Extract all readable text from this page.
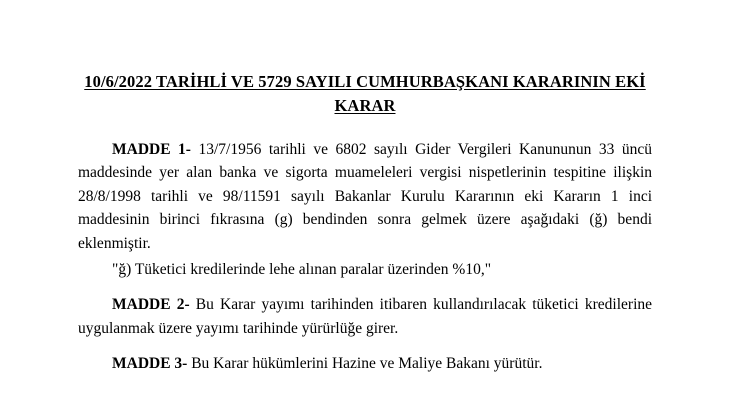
10/6/2022 TARİHLİ VE 5729 SAYILI CUMHURBAŞKANI KARARININ EKİ
KARAR

MADDE 1- 13/7/1956 tarihli ve 6802 sayılı Gider Vergileri Kanununun 33 üncü maddesinde yer alan banka ve sigorta muameleleri vergisi nispetlerinin tespitine ilişkin 28/8/1998 tarihli ve 98/11591 sayılı Bakanlar Kurulu Kararının eki Kararın 1 inci maddesinin birinci fıkrasına (g) bendinden sonra gelmek üzere aşağıdaki (ğ) bendi eklenmiştir.

"ğ) Tüketici kredilerinde lehe alınan paralar üzerinden %10,"

MADDE 2- Bu Karar yayımı tarihinden itibaren kullandırılacak tüketici kredilerine uygulanmak üzere yayımı tarihinde yürürlüğe girer.

MADDE 3- Bu Karar hükümlerini Hazine ve Maliye Bakanı yürütür.
